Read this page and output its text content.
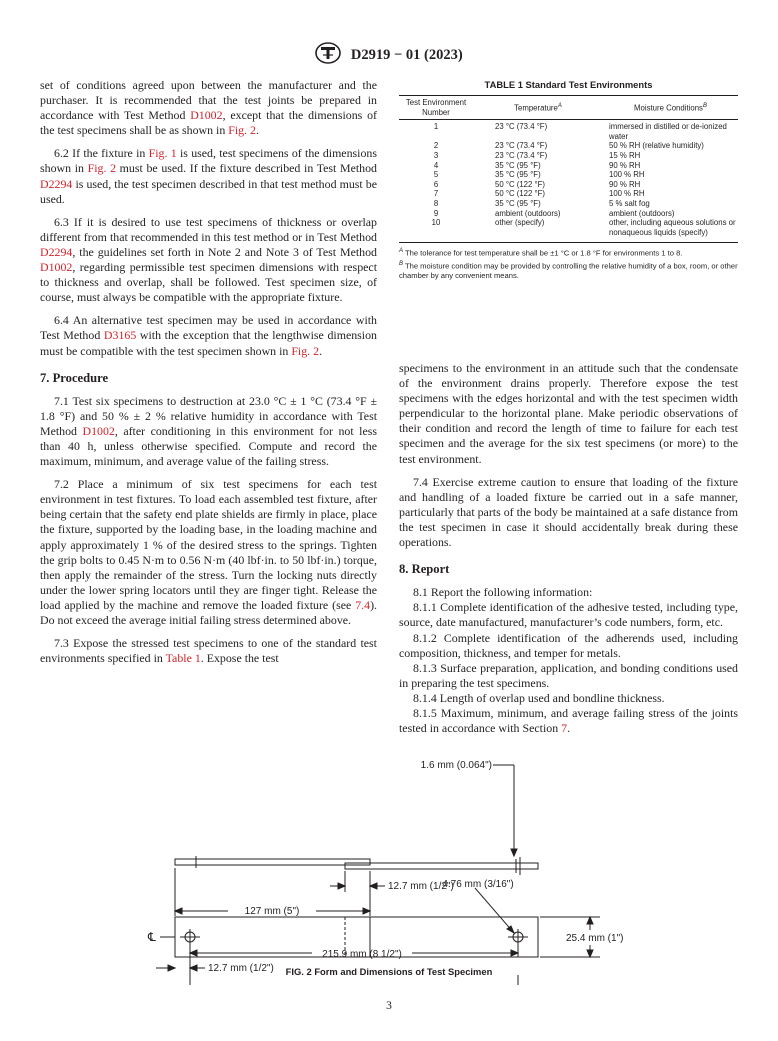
D2919 − 01 (2023)

set of conditions agreed upon between the manufacturer and the purchaser. It is recommended that the test joints be prepared in accordance with Test Method D1002, except that the dimensions of the test specimens shall be as shown in Fig. 2.

6.2 If the fixture in Fig. 1 is used, test specimens of the dimensions shown in Fig. 2 must be used. If the fixture described in Test Method D2294 is used, the test specimen described in that test method must be used.

6.3 If it is desired to use test specimens of thickness or overlap different from that recommended in this test method or in Test Method D2294, the guidelines set forth in Note 2 and Note 3 of Test Method D1002, regarding permissible test specimen dimensions with respect to thickness and overlap, shall be followed. Test specimen size, of course, must always be compatible with the appropriate fixture.

6.4 An alternative test specimen may be used in accordance with Test Method D3165 with the exception that the lengthwise dimension must be compatible with the test specimen shown in Fig. 2.

7. Procedure

7.1 Test six specimens to destruction at 23.0 °C ± 1 °C (73.4 °F ± 1.8 °F) and 50 % ± 2 % relative humidity in accordance with Test Method D1002, after conditioning in this environment for not less than 40 h, unless otherwise specified. Compute and record the maximum, minimum, and average value of the failing stress.

7.2 Place a minimum of six test specimens for each test environment in test fixtures. To load each assembled test fixture, after being certain that the safety end plate shields are firmly in place, place the fixture, supported by the loading base, in the loading machine and apply approximately 1 % of the desired stress to the springs. Tighten the grip bolts to 0.45 N·m to 0.56 N·m (40 lbf·in. to 50 lbf·in.) torque, then apply the remainder of the stress. Turn the locking nuts directly under the lower spring locators until they are finger tight. Release the load applied by the machine and remove the loaded fixture (see 7.4). Do not exceed the average initial failing stress determined above.

7.3 Expose the stressed test specimens to one of the standard test environments specified in Table 1. Expose the test

TABLE 1 Standard Test Environments
Test Environment Number	Temperature$^A$	Moisture Conditions$^B$
1	23 °C (73.4 °F)	immersed in distilled or de-ionized water
2	23 °C (73.4 °F)	50 % RH (relative humidity)
3	23 °C (73.4 °F)	15 % RH
4	35 °C (95 °F)	90 % RH
5	35 °C (95 °F)	100 % RH
6	50 °C (122 °F)	90 % RH
7	50 °C (122 °F)	100 % RH
8	35 °C (95 °F)	5 % salt fog
9	ambient (outdoors)	ambient (outdoors)
10	other (specify)	other, including aqueous solutions or nonaqueous liquids (specify)
$^A$ The tolerance for test temperature shall be ±1 °C or 1.8 °F for environments 1 to 8.
$^B$ The moisture condition may be provided by controlling the relative humidity of a box, room, or other chamber by any convenient means.

specimens to the environment in an attitude such that the condensate of the environment drains properly. Therefore expose the test specimens with the edges horizontal and with the test specimen width perpendicular to the horizontal plane. Make periodic observations of their condition and record the length of time to failure for each test specimen and the average for the six test specimens (or more) to the test environment.

7.4 Exercise extreme caution to ensure that loading of the fixture and handling of a loaded fixture be carried out in a safe manner, particularly that parts of the body be maintained at a safe distance from the test specimen in case it should accidentally break during these operations.

8. Report

8.1 Report the following information:

8.1.1 Complete identification of the adhesive tested, including type, source, date manufactured, manufacturer’s code numbers, form, etc.

8.1.2 Complete identification of the adherends used, including composition, thickness, and temper for metals.

8.1.3 Surface preparation, application, and bonding conditions used in preparing the test specimens.

8.1.4 Length of overlap used and bondline thickness.

8.1.5 Maximum, minimum, and average failing stress of the joints tested in accordance with Section 7.

1.6 mm (0.064")
12.7 mm (1/2")
127 mm (5")
4.76 mm (3/16")
25.4 mm (1")
℄
12.7 mm (1/2")
215.9 mm (8 1/2")
FIG. 2 Form and Dimensions of Test Specimen
3
